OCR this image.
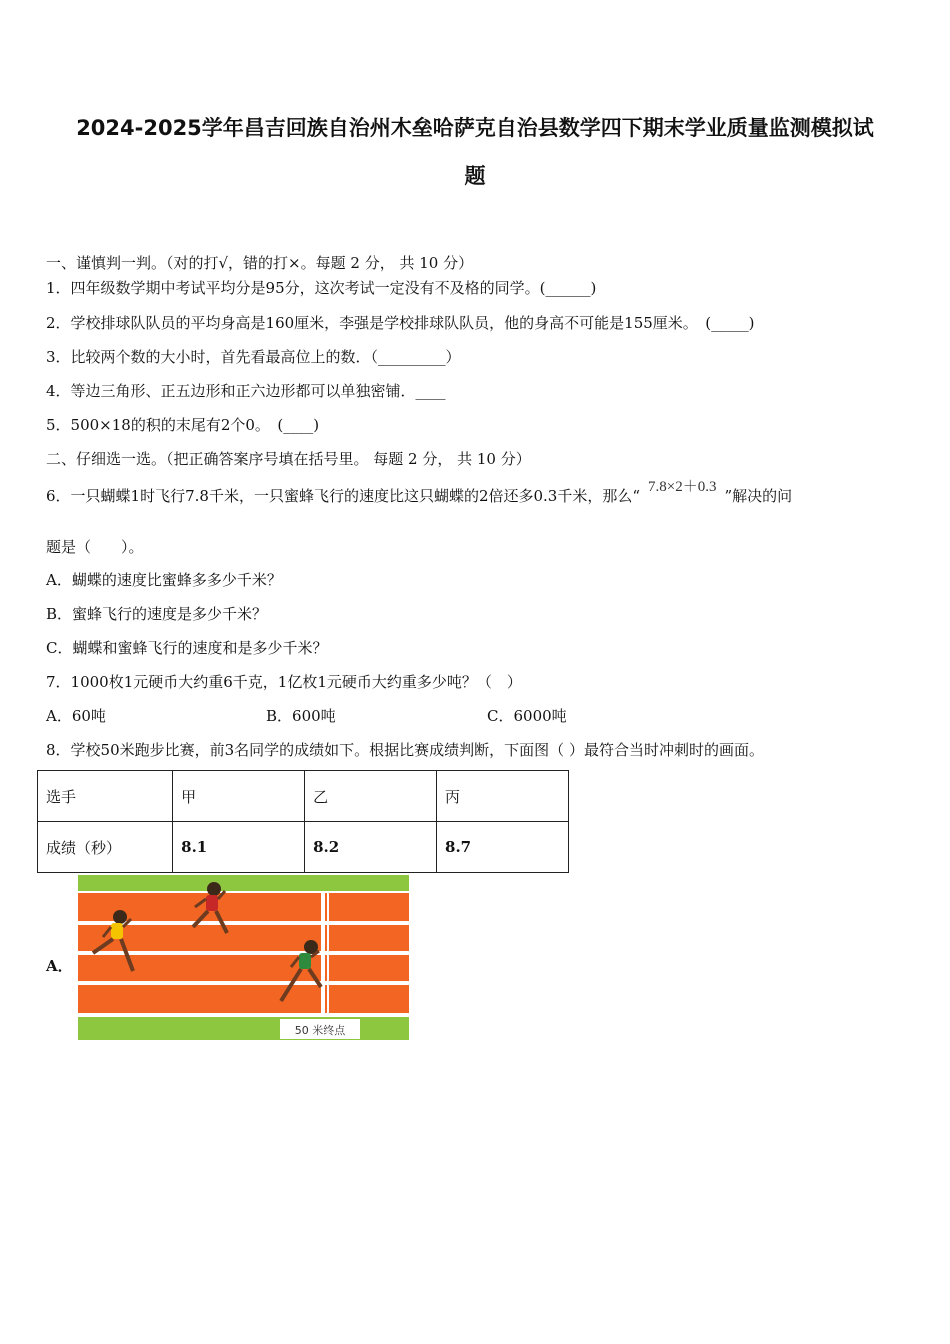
2024-2025学年昌吉回族自治州木垒哈萨克自治县数学四下期末学业质量监测模拟试
题
一、谨慎判一判。（对的打√，错的打×。每题 2 分， 共 10 分）
1．四年级数学期中考试平均分是95分，这次考试一定没有不及格的同学。(______)
2．学校排球队队员的平均身高是160厘米，李强是学校排球队队员，他的身高不可能是155厘米。　(_____)
3．比较两个数的大小时，首先看最高位上的数．（_________）
4．等边三角形、正五边形和正六边形都可以单独密铺．____
5．500×18的积的末尾有2个0。　(____)
二、仔细选一选。（把正确答案序号填在括号里。 每题 2 分， 共 10 分）
6．一只蝴蝶1时飞行7.8千米，一只蜜蜂飞行的速度比这只蝴蝶的2倍还多0.3千米，那么“ 7.8×2＋0.3 ”解决的问
题是（　　）。
A．蝴蝶的速度比蜜蜂多多少千米？
B．蜜蜂飞行的速度是多少千米？
C．蝴蝶和蜜蜂飞行的速度和是多少千米？
7．1000枚1元硬币大约重6千克，1亿枚1元硬币大约重多少吨？（　）
A．60吨	B．600吨	C．6000吨
8．学校50米跑步比赛，前3名同学的成绩如下。根据比赛成绩判断，下面图（ ）最符合当时冲刺时的画面。
选手	甲	乙	丙
成绩（秒）	8.1	8.2	8.7
A．
50 米终点
